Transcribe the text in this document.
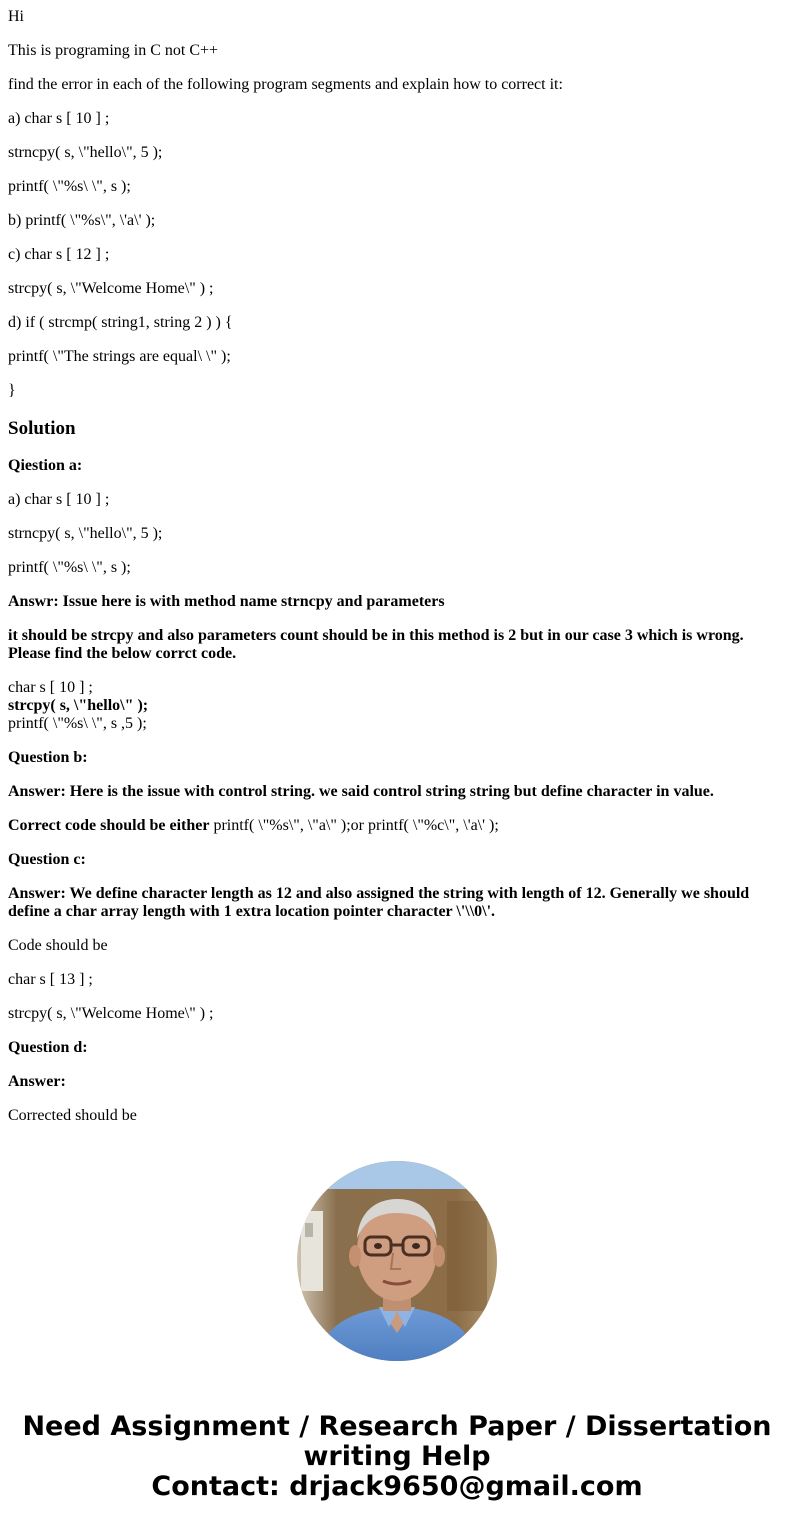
Hi

This is programing in C not C++

find the error in each of the following program segments and explain how to correct it:

a) char s [ 10 ] ;

strncpy( s, \"hello\", 5 );

printf( \"%s\ \", s );

b) printf( \"%s\", \'a\' );

c) char s [ 12 ] ;

strcpy( s, \"Welcome Home\" ) ;

d) if ( strcmp( string1, string 2 ) ) {

printf( \"The strings are equal\ \" );

}

Solution

Qiestion a:

a) char s [ 10 ] ;

strncpy( s, \"hello\", 5 );

printf( \"%s\ \", s );

Answr: Issue here is with method name strncpy and parameters

it should be strcpy and also parameters count should be in this method is 2 but in our case 3 which is wrong. Please find the below corrct code.

char s [ 10 ] ;
strcpy( s, \"hello\" );
printf( \"%s\ \", s ,5 );

Question b:

Answer: Here is the issue with control string. we said control string string but define character in value.

Correct code should be either printf( \"%s\", \"a\" );or printf( \"%c\", \'a\' );

Question c:

Answer: We define character length as 12 and also assigned the string with length of 12. Generally we should define a char array length with 1 extra location pointer character \'\\0\'.

Code should be

char s [ 13 ] ;

strcpy( s, \"Welcome Home\" ) ;

Question d:

Answer:

Corrected should be

Need Assignment / Research Paper / Dissertation
writing Help
Contact: drjack9650@gmail.com
